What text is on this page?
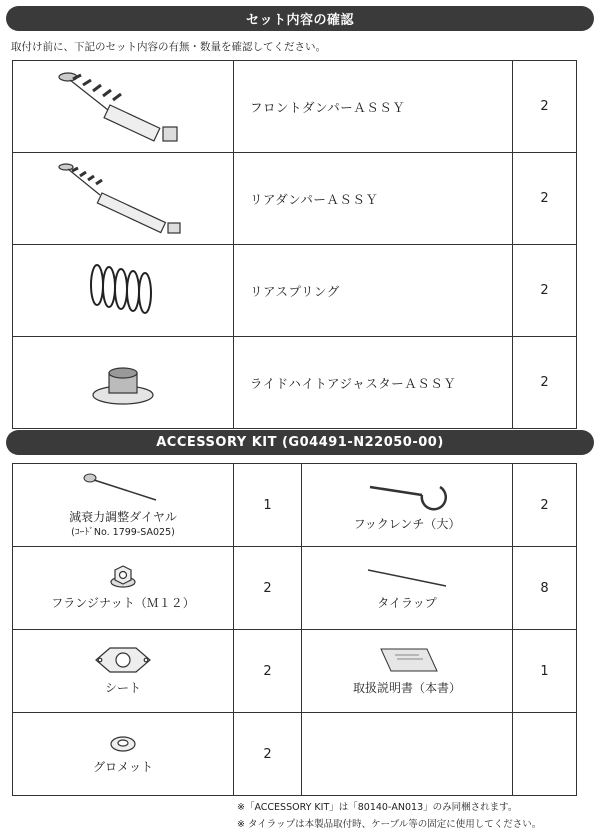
セット内容の確認
取付け前に、下記のセット内容の有無・数量を確認してください。
	フロントダンパーＡＳＳＹ	2
	リアダンパーＡＳＳＹ	2
	リアスプリング	2
	ライドハイトアジャスターＡＳＳＹ	2
ACCESSORY KIT (G04491-N22050-00)
減衰力調整ダイヤル
(ｺｰﾄﾞNo. 1799-SA025)	1	フックレンチ（大）	2

フランジナット（Ｍ１２）	2	タイラップ	8

シート	2	取扱説明書（本書）	1

グロメット	2		
※「ACCESSORY KIT」は「80140-AN013」のみ同梱されます。
※ タイラップは本製品取付時、ケーブル等の固定に使用してください。
